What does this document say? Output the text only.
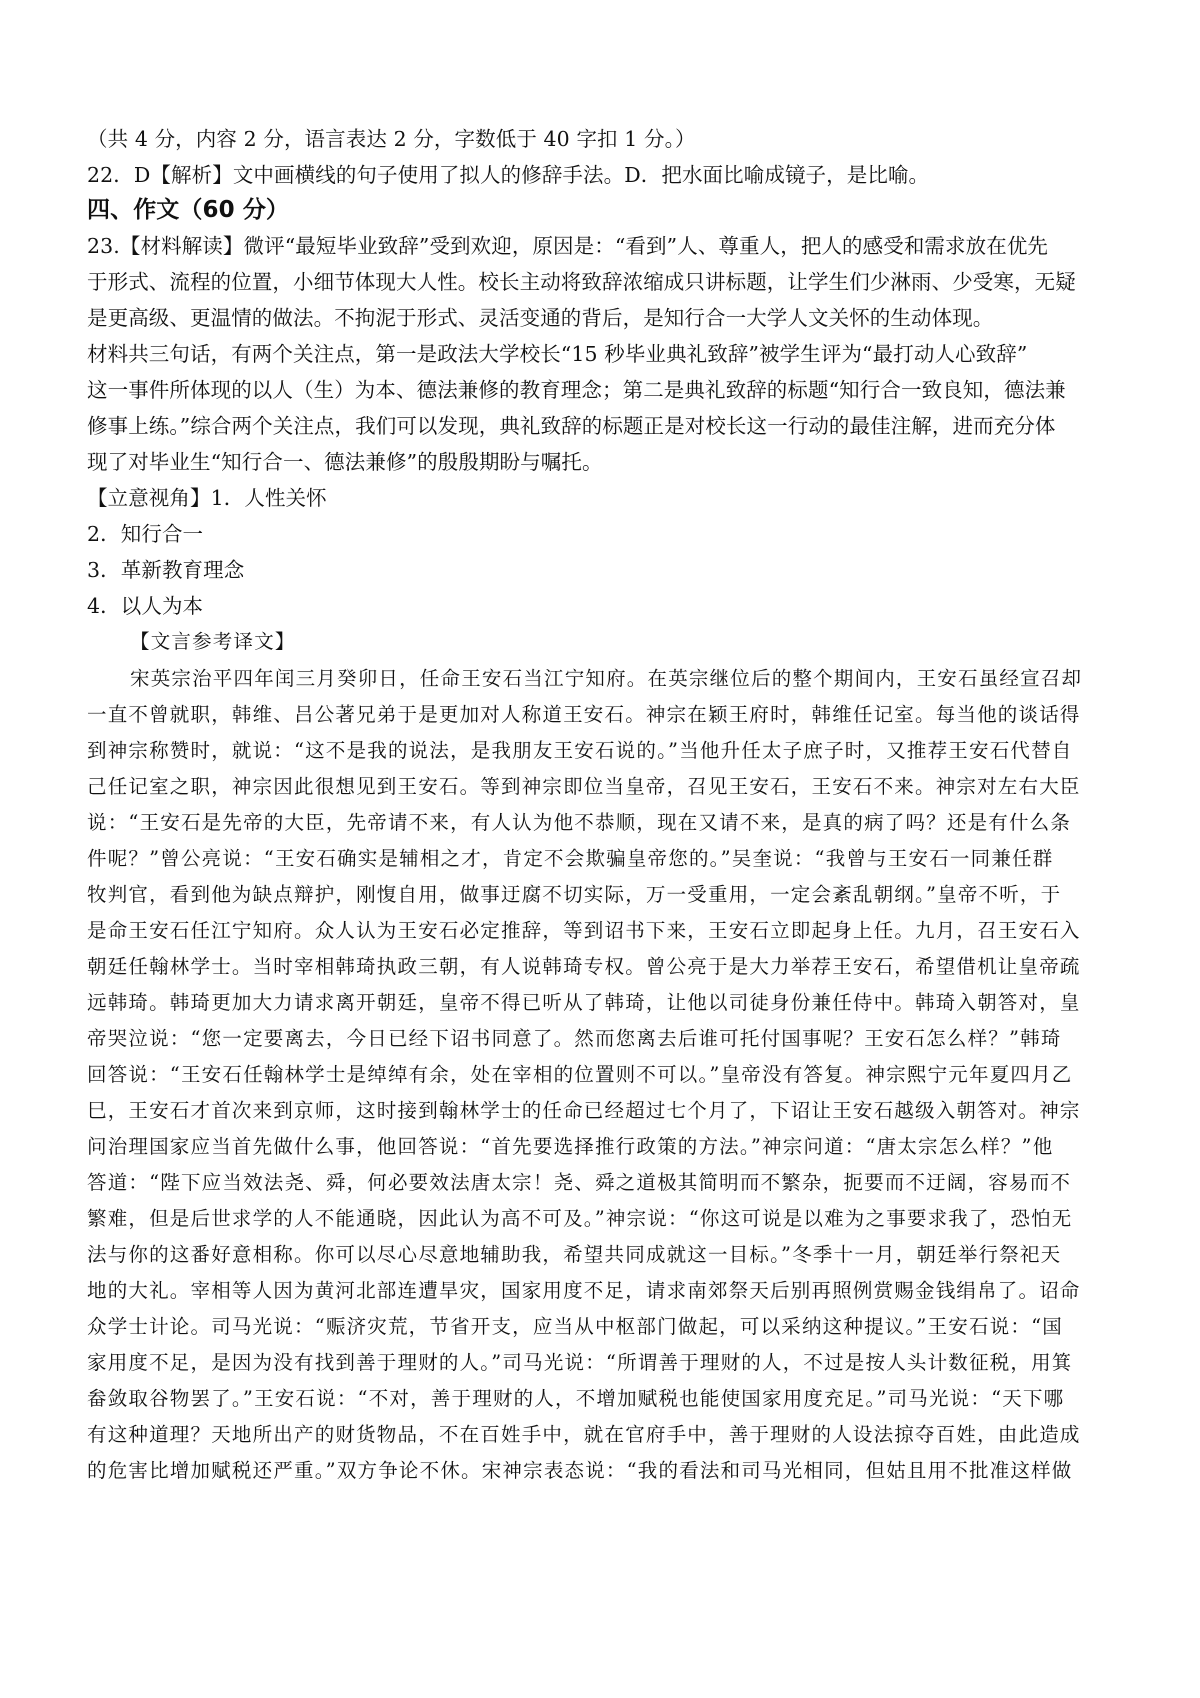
（共 4 分，内容 2 分，语言表达 2 分，字数低于 40 字扣 1 分。）
22．D【解析】文中画横线的句子使用了拟人的修辞手法。D．把水面比喻成镜子，是比喻。
四、作文（60 分）
23.【材料解读】微评“最短毕业致辞”受到欢迎，原因是：“看到”人、尊重人，把人的感受和需求放在优先
于形式、流程的位置，小细节体现大人性。校长主动将致辞浓缩成只讲标题，让学生们少淋雨、少受寒，无疑
是更高级、更温情的做法。不拘泥于形式、灵活变通的背后，是知行合一大学人文关怀的生动体现。
材料共三句话，有两个关注点，第一是政法大学校长“15 秒毕业典礼致辞”被学生评为“最打动人心致辞”
这一事件所体现的以人（生）为本、德法兼修的教育理念；第二是典礼致辞的标题“知行合一致良知，德法兼
修事上练。”综合两个关注点，我们可以发现，典礼致辞的标题正是对校长这一行动的最佳注解，进而充分体
现了对毕业生“知行合一、德法兼修”的殷殷期盼与嘱托。
【立意视角】1．人性关怀
2．知行合一
3．革新教育理念
4．以人为本
【文言参考译文】
宋英宗治平四年闰三月癸卯日，任命王安石当江宁知府。在英宗继位后的整个期间内，王安石虽经宣召却
一直不曾就职，韩维、吕公著兄弟于是更加对人称道王安石。神宗在颖王府时，韩维任记室。每当他的谈话得
到神宗称赞时，就说：“这不是我的说法，是我朋友王安石说的。”当他升任太子庶子时，又推荐王安石代替自
己任记室之职，神宗因此很想见到王安石。等到神宗即位当皇帝，召见王安石，王安石不来。神宗对左右大臣
说：“王安石是先帝的大臣，先帝请不来，有人认为他不恭顺，现在又请不来，是真的病了吗？还是有什么条
件呢？”曾公亮说：“王安石确实是辅相之才，肯定不会欺骗皇帝您的。”吴奎说：“我曾与王安石一同兼任群
牧判官，看到他为缺点辩护，刚愎自用，做事迂腐不切实际，万一受重用，一定会紊乱朝纲。”皇帝不听，于
是命王安石任江宁知府。众人认为王安石必定推辞，等到诏书下来，王安石立即起身上任。九月，召王安石入
朝廷任翰林学士。当时宰相韩琦执政三朝，有人说韩琦专权。曾公亮于是大力举荐王安石，希望借机让皇帝疏
远韩琦。韩琦更加大力请求离开朝廷，皇帝不得已听从了韩琦，让他以司徒身份兼任侍中。韩琦入朝答对，皇
帝哭泣说：“您一定要离去，今日已经下诏书同意了。然而您离去后谁可托付国事呢？王安石怎么样？”韩琦
回答说：“王安石任翰林学士是绰绰有余，处在宰相的位置则不可以。”皇帝没有答复。神宗熙宁元年夏四月乙
巳，王安石才首次来到京师，这时接到翰林学士的任命已经超过七个月了，下诏让王安石越级入朝答对。神宗
问治理国家应当首先做什么事，他回答说：“首先要选择推行政策的方法。”神宗问道：“唐太宗怎么样？”他
答道：“陛下应当效法尧、舜，何必要效法唐太宗！尧、舜之道极其简明而不繁杂，扼要而不迂阔，容易而不
繁难，但是后世求学的人不能通晓，因此认为高不可及。”神宗说：“你这可说是以难为之事要求我了，恐怕无
法与你的这番好意相称。你可以尽心尽意地辅助我，希望共同成就这一目标。”冬季十一月，朝廷举行祭祀天
地的大礼。宰相等人因为黄河北部连遭旱灾，国家用度不足，请求南郊祭天后别再照例赏赐金钱绢帛了。诏命
众学士计论。司马光说：“赈济灾荒，节省开支，应当从中枢部门做起，可以采纳这种提议。”王安石说：“国
家用度不足，是因为没有找到善于理财的人。”司马光说：“所谓善于理财的人，不过是按人头计数征税，用箕
畚敛取谷物罢了。”王安石说：“不对，善于理财的人，不增加赋税也能使国家用度充足。”司马光说：“天下哪
有这种道理？天地所出产的财货物品，不在百姓手中，就在官府手中，善于理财的人设法掠夺百姓，由此造成
的危害比增加赋税还严重。”双方争论不休。宋神宗表态说：“我的看法和司马光相同，但姑且用不批准这样做
